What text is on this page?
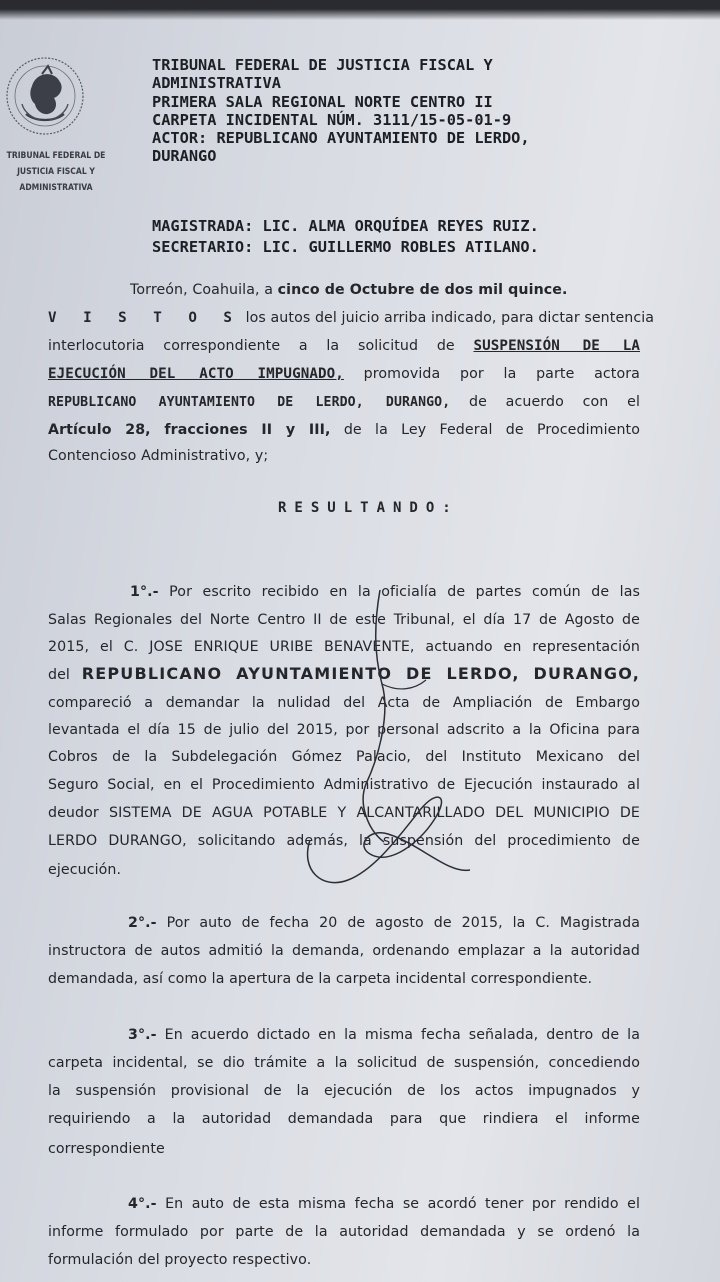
TRIBUNAL FEDERAL DE
JUSTICIA FISCAL Y
ADMINISTRATIVA
TRIBUNAL FEDERAL DE JUSTICIA FISCAL Y
ADMINISTRATIVA
PRIMERA SALA REGIONAL NORTE CENTRO II
CARPETA INCIDENTAL NÚM. 3111/15-05-01-9
ACTOR: REPUBLICANO AYUNTAMIENTO DE LERDO,
DURANGO
MAGISTRADA: LIC. ALMA ORQUÍDEA REYES RUIZ.
SECRETARIO: LIC. GUILLERMO ROBLES ATILANO.
Torreón, Coahuila, a cinco de Octubre de dos mil quince.
V I S T O S los autos del juicio arriba indicado, para dictar sentencia
interlocutoria correspondiente a la solicitud de SUSPENSIÓN DE LA
EJECUCIÓN DEL ACTO IMPUGNADO, promovida por la parte actora
REPUBLICANO AYUNTAMIENTO DE LERDO, DURANGO, de acuerdo con el
Artículo 28, fracciones II y III, de la Ley Federal de Procedimiento
Contencioso Administrativo, y;
RESULTANDO:
1°.- Por escrito recibido en la oficialía de partes común de las
Salas Regionales del Norte Centro II de este Tribunal, el día 17 de Agosto de
2015, el C. JOSE ENRIQUE URIBE BENAVENTE, actuando en representación
del REPUBLICANO AYUNTAMIENTO DE LERDO, DURANGO,
compareció a demandar la nulidad del Acta de Ampliación de Embargo
levantada el día 15 de julio del 2015, por personal adscrito a la Oficina para
Cobros de la Subdelegación Gómez Palacio, del Instituto Mexicano del
Seguro Social, en el Procedimiento Administrativo de Ejecución instaurado al
deudor SISTEMA DE AGUA POTABLE Y ALCANTARILLADO DEL MUNICIPIO DE
LERDO DURANGO, solicitando además, la suspensión del procedimiento de
ejecución.
2°.- Por auto de fecha 20 de agosto de 2015, la C. Magistrada
instructora de autos admitió la demanda, ordenando emplazar a la autoridad
demandada, así como la apertura de la carpeta incidental correspondiente.
3°.- En acuerdo dictado en la misma fecha señalada, dentro de la
carpeta incidental, se dio trámite a la solicitud de suspensión, concediendo
la suspensión provisional de la ejecución de los actos impugnados y
requiriendo a la autoridad demandada para que rindiera el informe
correspondiente
4°.- En auto de esta misma fecha se acordó tener por rendido el
informe formulado por parte de la autoridad demandada y se ordenó la
formulación del proyecto respectivo.
